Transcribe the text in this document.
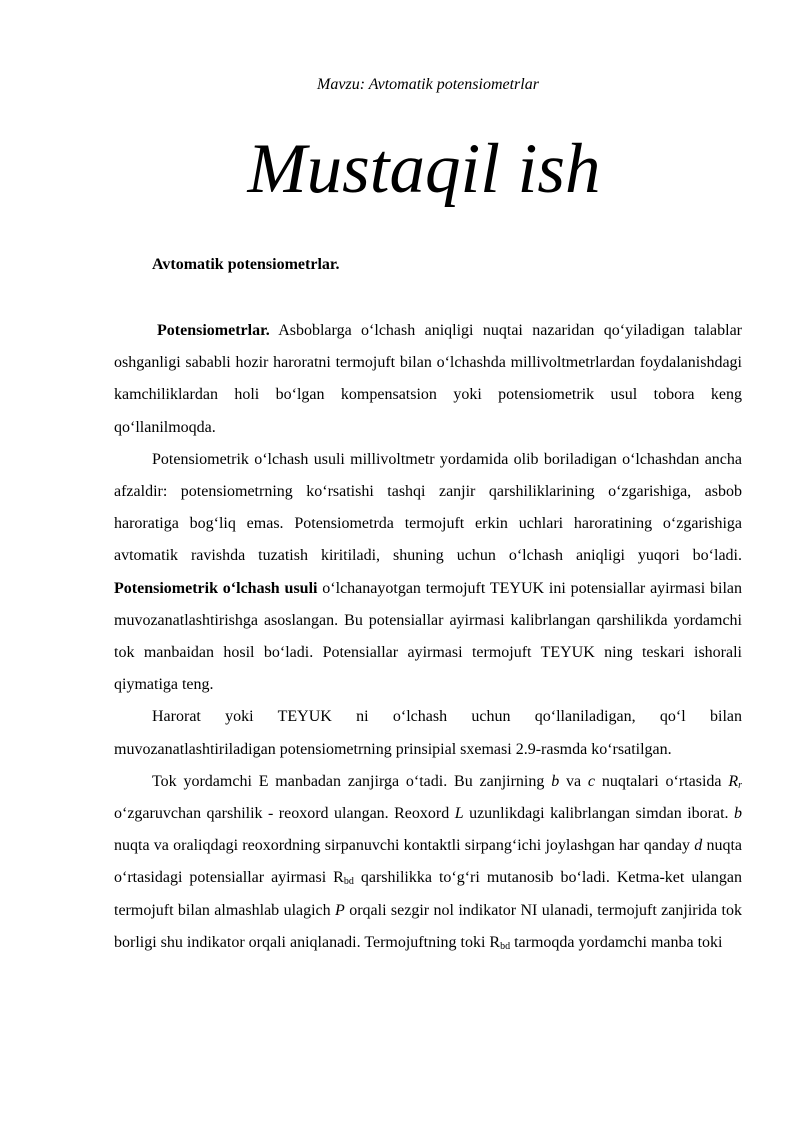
Mavzu: Avtomatik potensiometrlar
Mustaqil ish
Avtomatik potensiometrlar.

Potensiometrlar. Asboblarga o‘lchash aniqligi nuqtai nazaridan qo‘yiladigan talablar oshganligi sababli hozir haroratni termojuft bilan o‘lchashda millivoltmetrlardan foydalanishdagi kamchiliklardan holi bo‘lgan kompensatsion yoki potensiometrik usul tobora keng qo‘llanilmoqda.

Potensiometrik o‘lchash usuli millivoltmetr yordamida olib boriladigan o‘lchashdan ancha afzaldir: potensiometrning ko‘rsatishi tashqi zanjir qarshiliklarining o‘zgarishiga, asbob haroratiga bog‘liq emas. Potensiometrda termojuft erkin uchlari haroratining o‘zgarishiga avtomatik ravishda tuzatish kiritiladi, shuning uchun o‘lchash aniqligi yuqori bo‘ladi. Potensiometrik o‘lchash usuli o‘lchanayotgan termojuft TEYUK ini potensiallar ayirmasi bilan muvozanatlashtirishga asoslangan. Bu potensiallar ayirmasi kalibrlangan qarshilikda yordamchi tok manbaidan hosil bo‘ladi. Potensiallar ayirmasi termojuft TEYUK ning teskari ishorali qiymatiga teng.

Harorat yoki TEYUK ni o‘lchash uchun qo‘llaniladigan, qo‘l bilan muvozanatlashtiriladigan potensiometrning prinsipial sxemasi 2.9-rasmda ko‘rsatilgan.

Tok yordamchi E manbadan zanjirga o‘tadi. Bu zanjirning b va c nuqtalari o‘rtasida $R_r$ o‘zgaruvchan qarshilik - reoxord ulangan. Reoxord L uzunlikdagi kalibrlangan simdan iborat. b nuqta va oraliqdagi reoxordning sirpanuvchi kontaktli sirpang‘ichi joylashgan har qanday d nuqta o‘rtasidagi potensiallar ayirmasi $R_{bd}$ qarshilikka to‘g‘ri mutanosib bo‘ladi. Ketma-ket ulangan termojuft bilan almashlab ulagich P orqali sezgir nol indikator NI ulanadi, termojuft zanjirida tok borligi shu indikator orqali aniqlanadi. Termojuftning toki $R_{bd}$ tarmoqda yordamchi manba toki
